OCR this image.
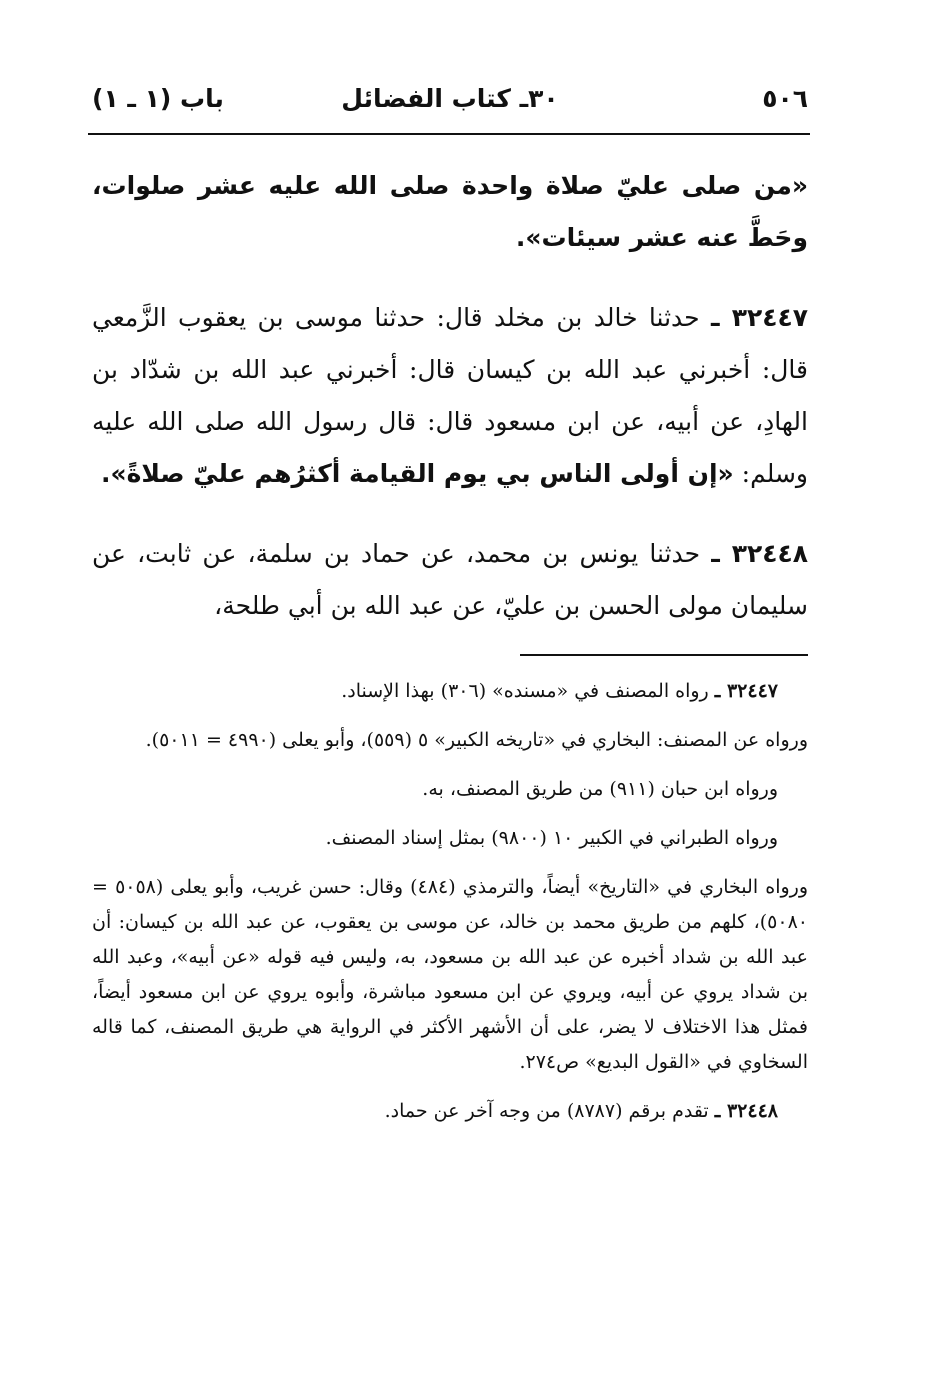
٥٠٦
٣٠ـ كتاب الفضائل
باب (١ ـ ١)

«من صلى عليّ صلاة واحدة صلى الله عليه عشر صلوات، وحَطَّ عنه عشر سيئات».

٣٢٤٤٧ ـ حدثنا خالد بن مخلد قال: حدثنا موسى بن يعقوب الزَّمعي قال: أخبرني عبد الله بن كيسان قال: أخبرني عبد الله بن شدّاد بن الهادِ، عن أبيه، عن ابن مسعود قال: قال رسول الله صلى الله عليه وسلم: «إن أولى الناس بي يوم القيامة أكثرُهم عليّ صلاةً».

٣٢٤٤٨ ـ حدثنا يونس بن محمد، عن حماد بن سلمة، عن ثابت، عن سليمان مولى الحسن بن عليّ، عن عبد الله بن أبي طلحة،

٣٢٤٤٧ ـ رواه المصنف في «مسنده» (٣٠٦) بهذا الإسناد.

ورواه عن المصنف: البخاري في «تاريخه الكبير» ٥ (٥٥٩)، وأبو يعلى (٤٩٩٠ = ٥٠١١).

ورواه ابن حبان (٩١١) من طريق المصنف، به.

ورواه الطبراني في الكبير ١٠ (٩٨٠٠) بمثل إسناد المصنف.

ورواه البخاري في «التاريخ» أيضاً، والترمذي (٤٨٤) وقال: حسن غريب، وأبو يعلى (٥٠٥٨ = ٥٠٨٠)، كلهم من طريق محمد بن خالد، عن موسى بن يعقوب، عن عبد الله بن كيسان: أن عبد الله بن شداد أخبره عن عبد الله بن مسعود، به، وليس فيه قوله «عن أبيه»، وعبد الله بن شداد يروي عن أبيه، ويروي عن ابن مسعود مباشرة، وأبوه يروي عن ابن مسعود أيضاً، فمثل هذا الاختلاف لا يضر، على أن الأشهر الأكثر في الرواية هي طريق المصنف، كما قاله السخاوي في «القول البديع» ص٢٧٤.

٣٢٤٤٨ ـ تقدم برقم (٨٧٨٧) من وجه آخر عن حماد.
